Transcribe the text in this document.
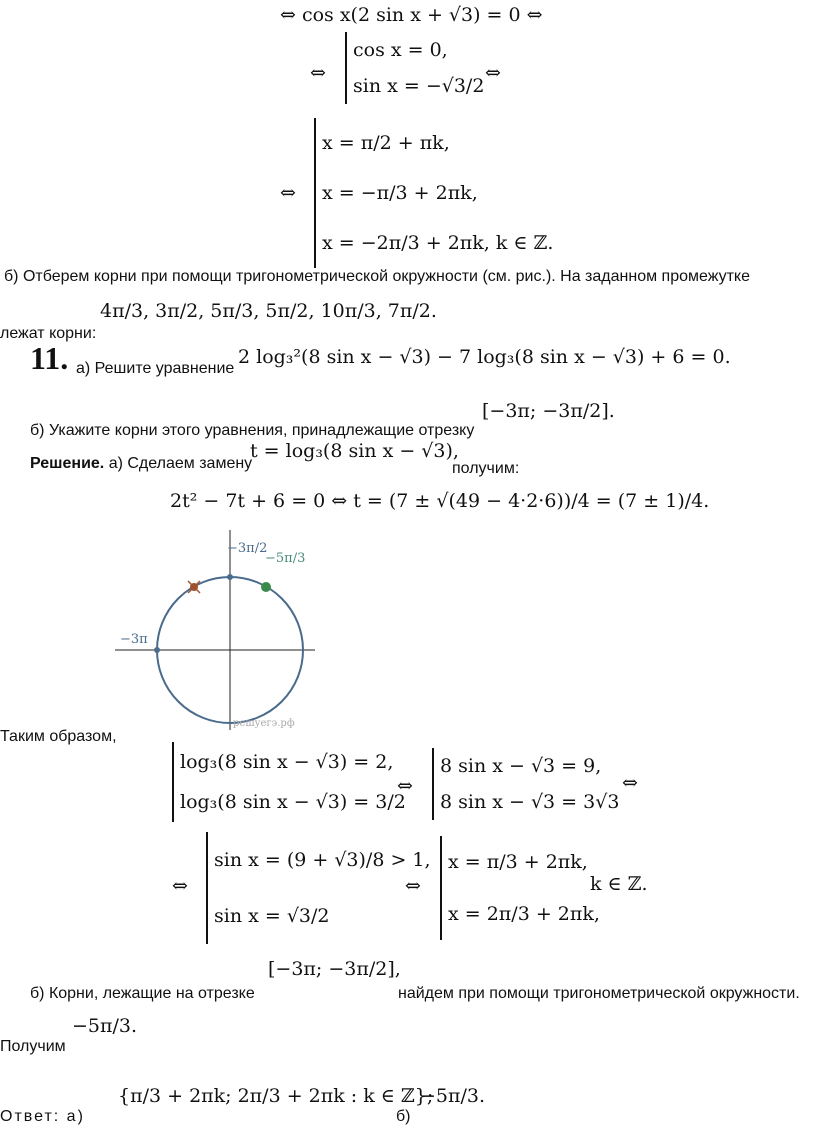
⇔ cos x(2 sin x + √3) = 0 ⇔
⇔
cos x = 0,
sin x = −√3/2
⇔
⇔
x = π/2 + πk,
x = −π/3 + 2πk,
x = −2π/3 + 2πk, k ∈ ℤ.
б) Отберем корни при помощи тригонометрической окружности (см. рис.). На заданном промежутке
4π/3, 3π/2, 5π/3, 5π/2, 10π/3, 7π/2.
лежат корни:
11. а) Решите уравнение
2 log₃²(8 sin x − √3) − 7 log₃(8 sin x − √3) + 6 = 0.
б) Укажите корни этого уравнения, принадлежащие отрезку
[−3π; −3π/2].
Решение. а) Сделаем замену
t = log₃(8 sin x − √3),
получим:
2t² − 7t + 6 = 0 ⇔ t = (7 ± √(49 − 4·2·6))/4 = (7 ± 1)/4.
−3π/2
−5π/3
−3π
решуегэ.рф
Таким образом,
log₃(8 sin x − √3) = 2,
log₃(8 sin x − √3) = 3/2
⇔
8 sin x − √3 = 9,
8 sin x − √3 = 3√3
⇔
⇔
sin x = (9 + √3)/8 > 1,
sin x = √3/2
⇔
x = π/3 + 2πk,
x = 2π/3 + 2πk,
k ∈ ℤ.
б) Корни, лежащие на отрезке
[−3π; −3π/2],
найдем при помощи тригонометрической окружности.
Получим
−5π/3.
Ответ: а)
{π/3 + 2πk; 2π/3 + 2πk : k ∈ ℤ};
б)
−5π/3.
